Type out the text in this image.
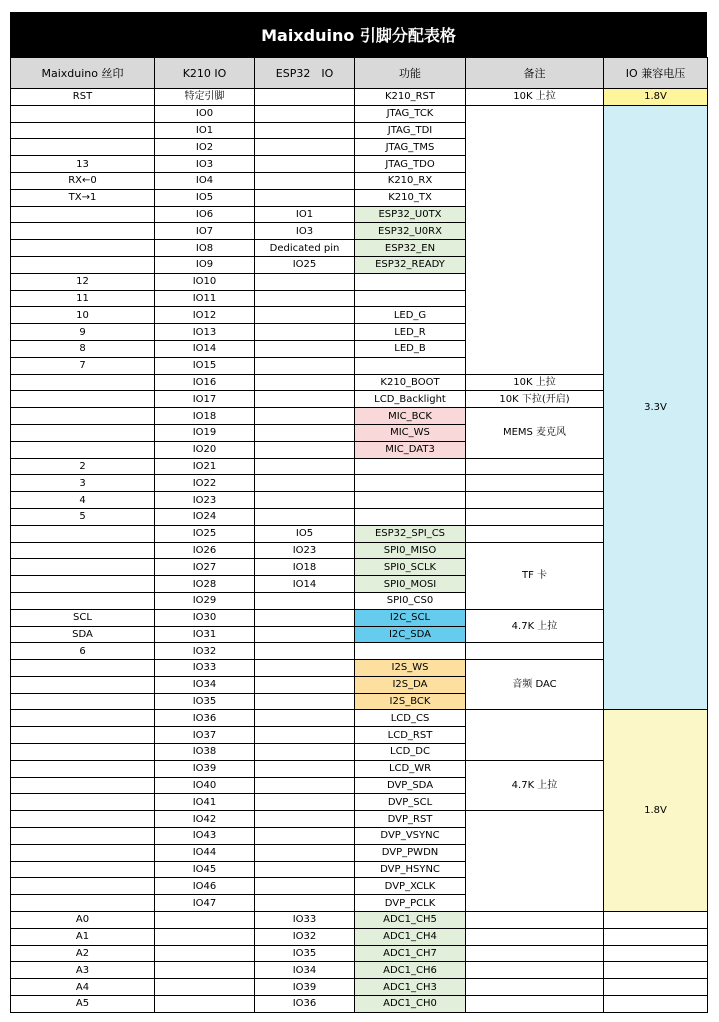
Maixduino 引脚分配表格
Maixduino 丝印	K210 IO	ESP32　IO	功能	备注	IO 兼容电压
RST	特定引脚		K210_RST	10K 上拉	1.8V
	IO0		JTAG_TCK		3.3V
	IO1		JTAG_TDI		
	IO2		JTAG_TMS		
13	IO3		JTAG_TDO		
RX←0	IO4		K210_RX		
TX→1	IO5		K210_TX		
	IO6	IO1	ESP32_U0TX		
	IO7	IO3	ESP32_U0RX		
	IO8	Dedicated pin	ESP32_EN		
	IO9	IO25	ESP32_READY		
12	IO10				
11	IO11				
10	IO12		LED_G		
9	IO13		LED_R		
8	IO14		LED_B		
7	IO15				
	IO16		K210_BOOT	10K 上拉	
	IO17		LCD_Backlight	10K 下拉(开启)	
	IO18		MIC_BCK	MEMS 麦克风	
	IO19		MIC_WS		
	IO20		MIC_DAT3		
2	IO21				
3	IO22				
4	IO23				
5	IO24				
	IO25	IO5	ESP32_SPI_CS		
	IO26	IO23	SPI0_MISO	TF 卡	
	IO27	IO18	SPI0_SCLK		
	IO28	IO14	SPI0_MOSI		
	IO29		SPI0_CS0		
SCL	IO30		I2C_SCL	4.7K 上拉	
SDA	IO31		I2C_SDA		
6	IO32				
	IO33		I2S_WS	音频 DAC	
	IO34		I2S_DA		
	IO35		I2S_BCK		
	IO36		LCD_CS		1.8V
	IO37		LCD_RST		
	IO38		LCD_DC		
	IO39		LCD_WR	4.7K 上拉	
	IO40		DVP_SDA		
	IO41		DVP_SCL		
	IO42		DVP_RST		
	IO43		DVP_VSYNC		
	IO44		DVP_PWDN		
	IO45		DVP_HSYNC		
	IO46		DVP_XCLK		
	IO47		DVP_PCLK		
A0		IO33	ADC1_CH5		
A1		IO32	ADC1_CH4		
A2		IO35	ADC1_CH7		
A3		IO34	ADC1_CH6		
A4		IO39	ADC1_CH3		
A5		IO36	ADC1_CH0		
